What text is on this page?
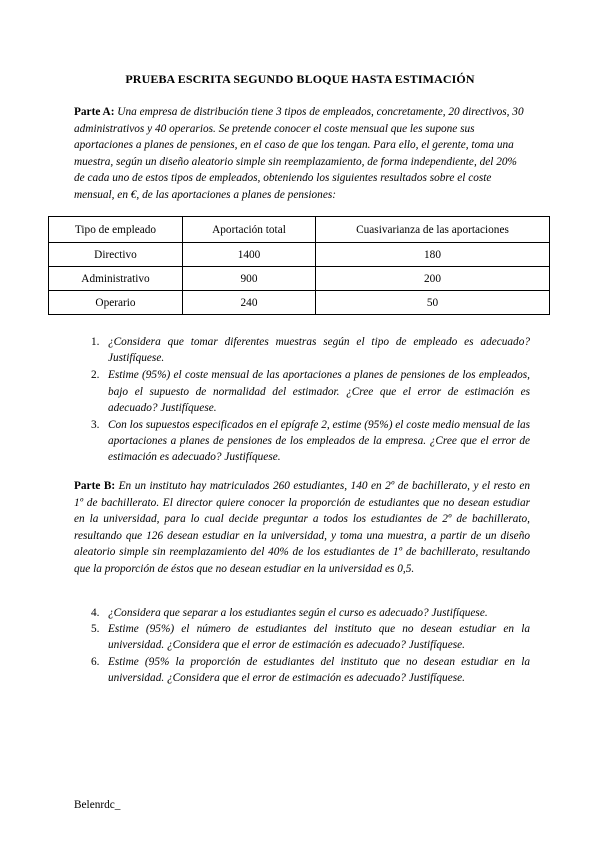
PRUEBA ESCRITA SEGUNDO BLOQUE HASTA ESTIMACIÓN
Parte A: Una empresa de distribución tiene 3 tipos de empleados, concretamente, 20 directivos, 30 administrativos y 40 operarios. Se pretende conocer el coste mensual que les supone sus aportaciones a planes de pensiones, en el caso de que los tengan. Para ello, el gerente, toma una muestra, según un diseño aleatorio simple sin reemplazamiento, de forma independiente, del 20% de cada uno de estos tipos de empleados, obteniendo los siguientes resultados sobre el coste mensual, en €, de las aportaciones a planes de pensiones:
Tipo de empleado	Aportación total	Cuasivarianza de las aportaciones
Directivo	1400	180
Administrativo	900	200
Operario	240	50
1. ¿Considera que tomar diferentes muestras según el tipo de empleado es adecuado? Justifíquese.
2. Estime (95%) el coste mensual de las aportaciones a planes de pensiones de los empleados, bajo el supuesto de normalidad del estimador. ¿Cree que el error de estimación es adecuado? Justifíquese.
3. Con los supuestos especificados en el epígrafe 2, estime (95%) el coste medio mensual de las aportaciones a planes de pensiones de los empleados de la empresa. ¿Cree que el error de estimación es adecuado? Justifíquese.
Parte B: En un instituto hay matriculados 260 estudiantes, 140 en 2º de bachillerato, y el resto en 1º de bachillerato. El director quiere conocer la proporción de estudiantes que no desean estudiar en la universidad, para lo cual decide preguntar a todos los estudiantes de 2º de bachillerato, resultando que 126 desean estudiar en la universidad, y toma una muestra, a partir de un diseño aleatorio simple sin reemplazamiento del 40% de los estudiantes de 1º de bachillerato, resultando que la proporción de éstos que no desean estudiar en la universidad es 0,5.
4. ¿Considera que separar a los estudiantes según el curso es adecuado? Justifíquese.
5. Estime (95%) el número de estudiantes del instituto que no desean estudiar en la universidad. ¿Considera que el error de estimación es adecuado? Justifíquese.
6. Estime (95% la proporción de estudiantes del instituto que no desean estudiar en la universidad. ¿Considera que el error de estimación es adecuado? Justifíquese.
Belenrdc_
